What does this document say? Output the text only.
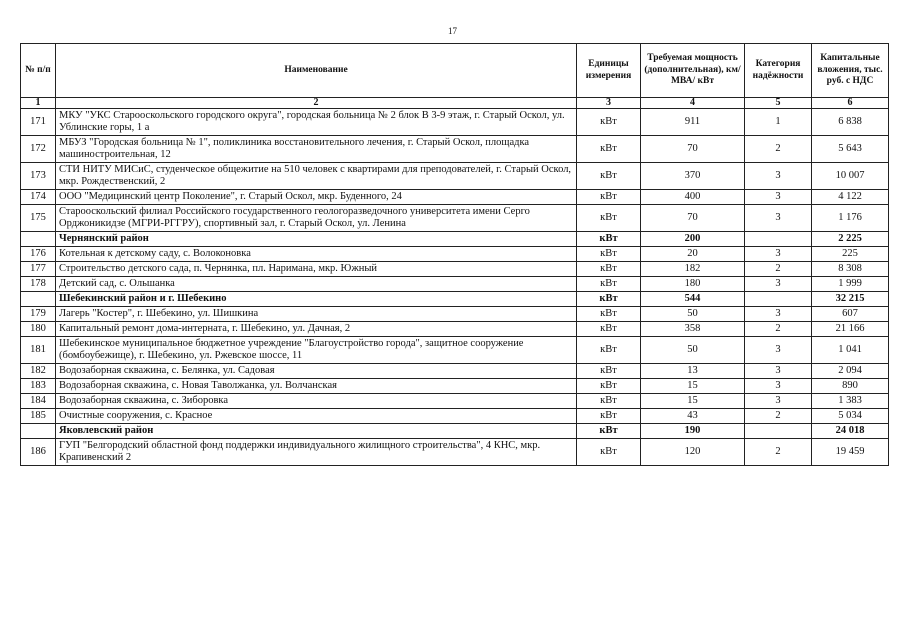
17
№ п/п	Наименование	Единицы измерения	Требуемая мощность (дополнительная), км/ МВА/ кВт	Категория надёжности	Капитальные вложения, тыс. руб. с НДС
1	2	3	4	5	6
171	МКУ "УКС Старооскольского городского округа", городская больница № 2 блок В 3-9 этаж, г. Старый Оскол, ул. Ублинские горы, 1 а	кВт	911	1	6 838
172	МБУЗ "Городская больница № 1", поликлиника восстановительного лечения, г. Старый Оскол, площадка машиностроительная, 12	кВт	70	2	5 643
173	СТИ НИТУ МИСиС, студенческое общежитие на 510 человек с квартирами для преподователей, г. Старый Оскол, мкр. Рождественский, 2	кВт	370	3	10 007
174	ООО "Медицинский центр Поколение", г. Старый Оскол, мкр. Буденного, 24	кВт	400	3	4 122
175	Старооскольский филиал Российского государственного геологоразведочного университета имени Серго Орджоникидзе (МГРИ-РГГРУ), спортивный зал, г. Старый Оскол, ул. Ленина	кВт	70	3	1 176
	Чернянский район	кВт	200		2 225
176	Котельная к детскому саду, с. Волоконовка	кВт	20	3	225
177	Строительство детского сада, п. Чернянка, пл. Наримана, мкр. Южный	кВт	182	2	8 308
178	Детский сад, с. Ольшанка	кВт	180	3	1 999
	Шебекинский район и г. Шебекино	кВт	544		32 215
179	Лагерь "Костер", г. Шебекино, ул. Шишкина	кВт	50	3	607
180	Капитальный ремонт дома-интерната, г. Шебекино, ул. Дачная, 2	кВт	358	2	21 166
181	Шебекинское муниципальное бюджетное учреждение "Благоустройство города", защитное сооружение (бомбоубежище), г. Шебекино, ул. Ржевское шоссе, 11	кВт	50	3	1 041
182	Водозаборная скважина, с. Белянка, ул. Садовая	кВт	13	3	2 094
183	Водозаборная скважина, с. Новая Таволжанка, ул. Волчанская	кВт	15	3	890
184	Водозаборная скважина, с. Зиборовка	кВт	15	3	1 383
185	Очистные сооружения, с. Красное	кВт	43	2	5 034
	Яковлевский район	кВт	190		24 018
186	ГУП "Белгородский областной фонд поддержки индивидуального жилищного строительства", 4 КНС, мкр. Крапивенский 2	кВт	120	2	19 459
